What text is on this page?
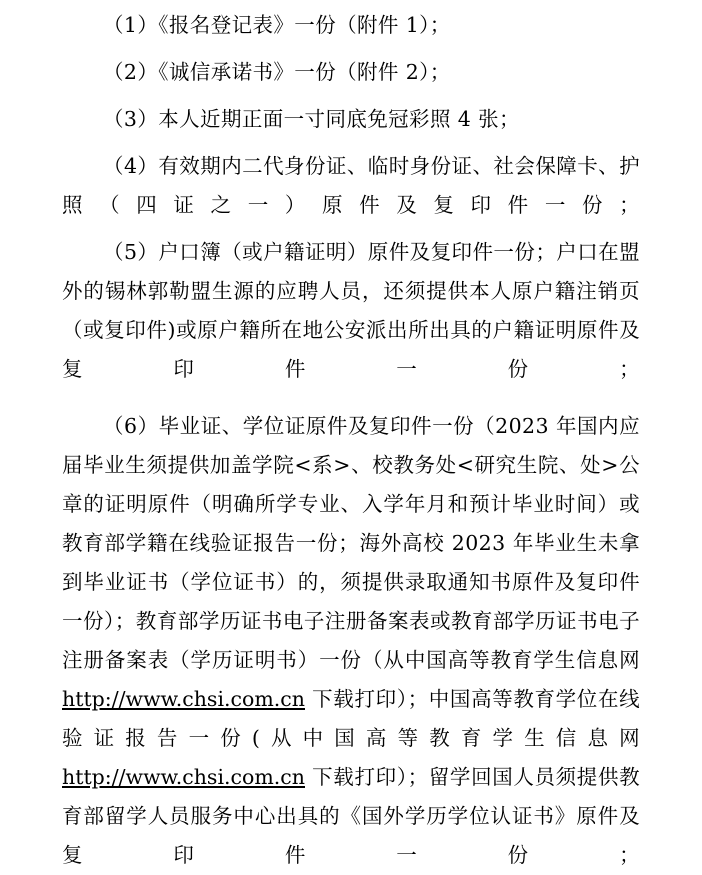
（1）《报名登记表》一份（附件 1）；

（2）《诚信承诺书》一份（附件 2）；

（3）本人近期正面一寸同底免冠彩照 4 张；

（4）有效期内二代身份证、临时身份证、社会保障卡、护照（四证之一）原件及复印件一份；

（5）户口簿（或户籍证明）原件及复印件一份；户口在盟外的锡林郭勒盟生源的应聘人员，还须提供本人原户籍注销页（或复印件)或原户籍所在地公安派出所出具的户籍证明原件及复印件一份；

（6）毕业证、学位证原件及复印件一份（2023 年国内应届毕业生须提供加盖学院<系>、校教务处<研究生院、处>公章的证明原件（明确所学专业、入学年月和预计毕业时间）或教育部学籍在线验证报告一份；海外高校 2023 年毕业生未拿到毕业证书（学位证书）的，须提供录取通知书原件及复印件一份）；教育部学历证书电子注册备案表或教育部学历证书电子注册备案表（学历证明书）一份（从中国高等教育学生信息网 http://www.chsi.com.cn 下载打印）；中国高等教育学位在线验证报告一份(从中国高等教育学生信息网 http://www.chsi.com.cn 下载打印）；留学回国人员须提供教育部留学人员服务中心出具的《国外学历学位认证书》原件及复印件一份；
